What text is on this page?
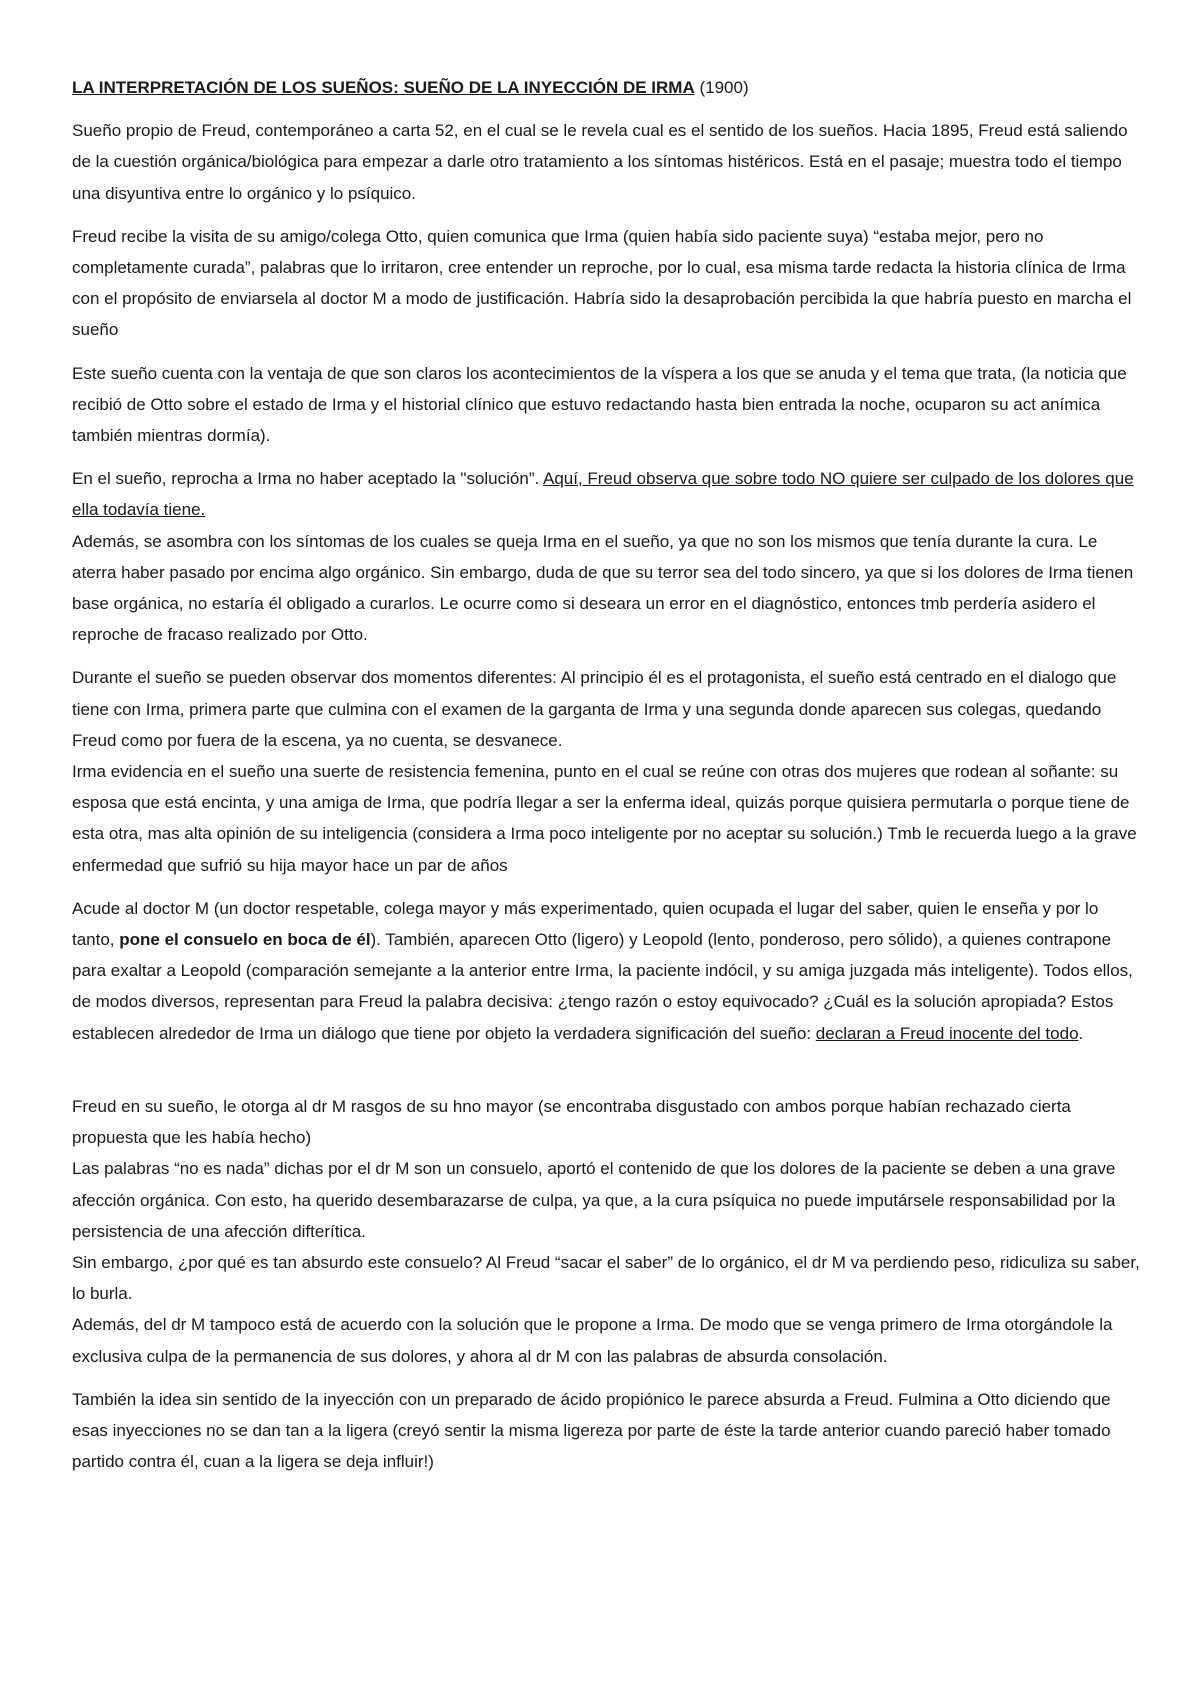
LA INTERPRETACIÓN DE LOS SUEÑOS: SUEÑO DE LA INYECCIÓN DE IRMA (1900)

Sueño propio de Freud, contemporáneo a carta 52, en el cual se le revela cual es el sentido de los sueños. Hacia 1895, Freud está saliendo de la cuestión orgánica/biológica para empezar a darle otro tratamiento a los síntomas histéricos. Está en el pasaje; muestra todo el tiempo una disyuntiva entre lo orgánico y lo psíquico.

Freud recibe la visita de su amigo/colega Otto, quien comunica que Irma (quien había sido paciente suya) “estaba mejor, pero no completamente curada”, palabras que lo irritaron, cree entender un reproche, por lo cual, esa misma tarde redacta la historia clínica de Irma con el propósito de enviarsela al doctor M a modo de justificación. Habría sido la desaprobación percibida la que habría puesto en marcha el sueño

Este sueño cuenta con la ventaja de que son claros los acontecimientos de la víspera a los que se anuda y el tema que trata, (la noticia que recibió de Otto sobre el estado de Irma y el historial clínico que estuvo redactando hasta bien entrada la noche, ocuparon su act anímica también mientras dormía).

En el sueño, reprocha a Irma no haber aceptado la "solución”. Aquí, Freud observa que sobre todo NO quiere ser culpado de los dolores que ella todavía tiene.

Además, se asombra con los síntomas de los cuales se queja Irma en el sueño, ya que no son los mismos que tenía durante la cura. Le aterra haber pasado por encima algo orgánico. Sin embargo, duda de que su terror sea del todo sincero, ya que si los dolores de Irma tienen base orgánica, no estaría él obligado a curarlos. Le ocurre como si deseara un error en el diagnóstico, entonces tmb perdería asidero el reproche de fracaso realizado por Otto.

Durante el sueño se pueden observar dos momentos diferentes: Al principio él es el protagonista, el sueño está centrado en el dialogo que tiene con Irma, primera parte que culmina con el examen de la garganta de Irma y una segunda donde aparecen sus colegas, quedando Freud como por fuera de la escena, ya no cuenta, se desvanece.

Irma evidencia en el sueño una suerte de resistencia femenina, punto en el cual se reúne con otras dos mujeres que rodean al soñante: su esposa que está encinta, y una amiga de Irma, que podría llegar a ser la enferma ideal, quizás porque quisiera permutarla o porque tiene de esta otra, mas alta opinión de su inteligencia (considera a Irma poco inteligente por no aceptar su solución.) Tmb le recuerda luego a la grave enfermedad que sufrió su hija mayor hace un par de años

Acude al doctor M (un doctor respetable, colega mayor y más experimentado, quien ocupada el lugar del saber, quien le enseña y por lo tanto, pone el consuelo en boca de él). También, aparecen Otto (ligero) y Leopold (lento, ponderoso, pero sólido), a quienes contrapone para exaltar a Leopold (comparación semejante a la anterior entre Irma, la paciente indócil, y su amiga juzgada más inteligente). Todos ellos, de modos diversos, representan para Freud la palabra decisiva: ¿tengo razón o estoy equivocado? ¿Cuál es la solución apropiada? Estos establecen alrededor de Irma un diálogo que tiene por objeto la verdadera significación del sueño: declaran a Freud inocente del todo.

Freud en su sueño, le otorga al dr M rasgos de su hno mayor (se encontraba disgustado con ambos porque habían rechazado cierta propuesta que les había hecho)

Las palabras “no es nada” dichas por el dr M son un consuelo, aportó el contenido de que los dolores de la paciente se deben a una grave afección orgánica. Con esto, ha querido desembarazarse de culpa, ya que, a la cura psíquica no puede imputársele responsabilidad por la persistencia de una afección difterítica.

Sin embargo, ¿por qué es tan absurdo este consuelo? Al Freud “sacar el saber” de lo orgánico, el dr M va perdiendo peso, ridiculiza su saber, lo burla.

Además, del dr M tampoco está de acuerdo con la solución que le propone a Irma. De modo que se venga primero de Irma otorgándole la exclusiva culpa de la permanencia de sus dolores, y ahora al dr M con las palabras de absurda consolación.

También la idea sin sentido de la inyección con un preparado de ácido propiónico le parece absurda a Freud. Fulmina a Otto diciendo que esas inyecciones no se dan tan a la ligera (creyó sentir la misma ligereza por parte de éste la tarde anterior cuando pareció haber tomado partido contra él, cuan a la ligera se deja influir!)
